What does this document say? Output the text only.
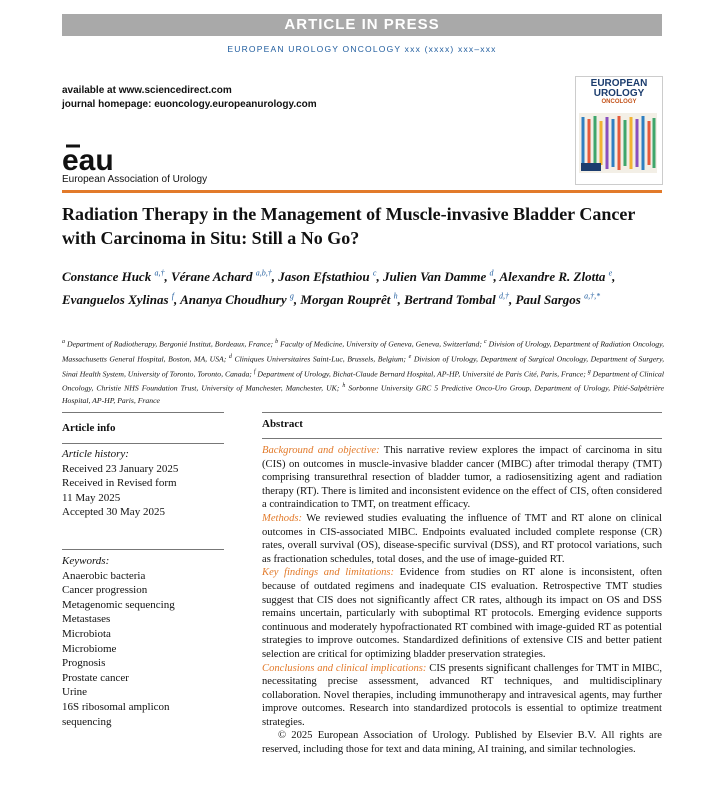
ARTICLE IN PRESS
EUROPEAN UROLOGY ONCOLOGY xxx (xxxx) xxx–xxx
available at www.sciencedirect.com
journal homepage: euoncology.europeanurology.com
EUROPEAN
UROLOGY
ONCOLOGY
eau
European Association of Urology
Radiation Therapy in the Management of Muscle-invasive Bladder Cancer with Carcinoma in Situ: Still a No Go?
Constance Huck $^{a,\dagger}$, Vérane Achard $^{a,b,\dagger}$, Jason Efstathiou $^c$, Julien Van Damme $^d$, Alexandre R. Zlotta $^e$, Evanguelos Xylinas $^f$, Ananya Choudhury $^g$, Morgan Rouprêt $^h$, Bertrand Tombal $^{d,\dagger}$, Paul Sargos $^{a,\dagger,*}$
$^a$ Department of Radiotherapy, Bergonié Institut, Bordeaux, France; $^b$ Faculty of Medicine, University of Geneva, Geneva, Switzerland; $^c$ Division of Urology, Department of Radiation Oncology, Massachusetts General Hospital, Boston, MA, USA; $^d$ Cliniques Universitaires Saint-Luc, Brussels, Belgium; $^e$ Division of Urology, Department of Surgical Oncology, Department of Surgery, Sinai Health System, University of Toronto, Toronto, Canada; $^f$ Department of Urology, Bichat-Claude Bernard Hospital, AP-HP, Université de Paris Cité, Paris, France; $^g$ Department of Clinical Oncology, Christie NHS Foundation Trust, University of Manchester, Manchester, UK; $^h$ Sorbonne University GRC 5 Predictive Onco-Uro Group, Department of Urology, Pitié-Salpêtrière Hospital, AP-HP, Paris, France
Article info	Abstract
Article history:
Received 23 January 2025
Received in Revised form
11 May 2025
Accepted 30 May 2025
Keywords:
Anaerobic bacteria
Cancer progression
Metagenomic sequencing
Metastases
Microbiota
Microbiome
Prognosis
Prostate cancer
Urine
16S ribosomal amplicon
sequencing

Background and objective: This narrative review explores the impact of carcinoma in situ (CIS) on outcomes in muscle-invasive bladder cancer (MIBC) after trimodal therapy (TMT) comprising transurethral resection of bladder tumor, a radiosensitizing agent and radiation therapy (RT). There is limited and inconsistent evidence on the effect of CIS, often considered a contraindication to TMT, on treatment efficacy.

Methods: We reviewed studies evaluating the influence of TMT and RT alone on clinical outcomes in CIS-associated MIBC. Endpoints evaluated included complete response (CR) rates, overall survival (OS), disease-specific survival (DSS), and RT protocol variations, such as fractionation schedules, total doses, and the use of image-guided RT.

Key findings and limitations: Evidence from studies on RT alone is inconsistent, often because of outdated regimens and inadequate CIS evaluation. Retrospective TMT studies suggest that CIS does not significantly affect CR rates, although its impact on OS and DSS remains uncertain, particularly with suboptimal RT protocols. Emerging evidence supports continuous and moderately hypofractionated RT combined with image-guided RT as potential strategies to improve outcomes. Standardized definitions of extensive CIS and better patient selection are critical for optimizing bladder preservation strategies.

Conclusions and clinical implications: CIS presents significant challenges for TMT in MIBC, necessitating precise assessment, advanced RT techniques, and multidisciplinary collaboration. Novel therapies, including immunotherapy and intravesical agents, may further improve outcomes. Research into standardized protocols is essential to optimize treatment strategies.

© 2025 European Association of Urology. Published by Elsevier B.V. All rights are reserved, including those for text and data mining, AI training, and similar technologies.
